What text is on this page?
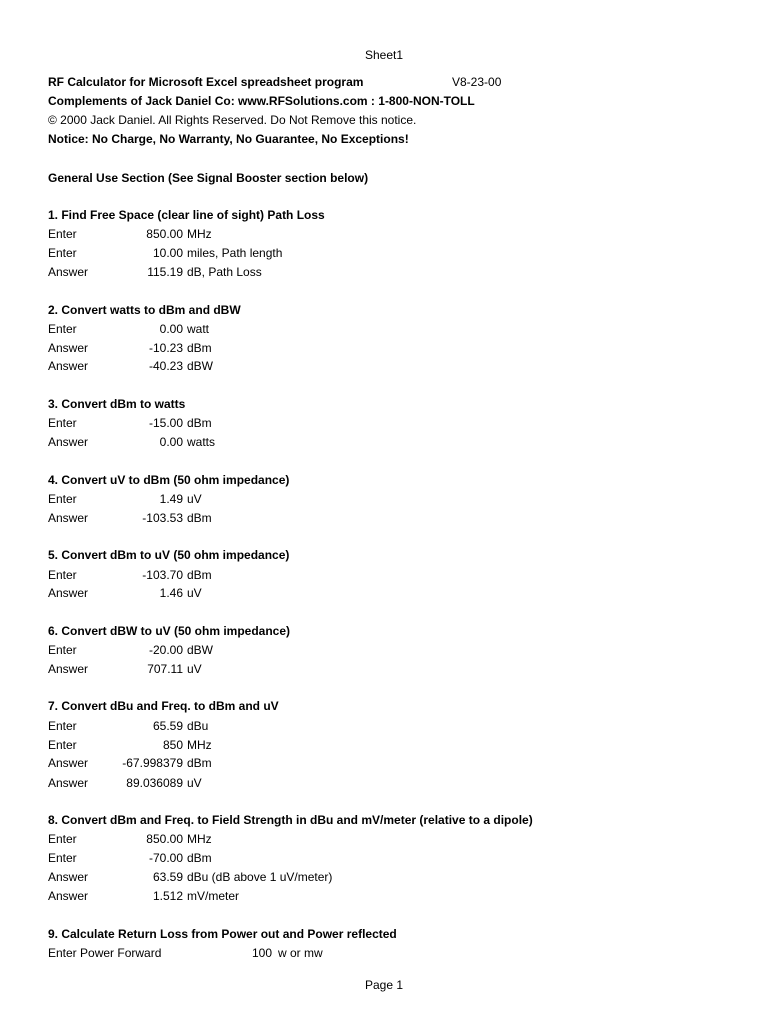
Sheet1
RF Calculator for Microsoft Excel spreadsheet program	V8-23-00
Complements of Jack Daniel Co: www.RFSolutions.com : 1-800-NON-TOLL
© 2000 Jack Daniel. All Rights Reserved. Do Not Remove this notice.
Notice: No Charge, No Warranty, No Guarantee, No Exceptions!
General Use Section (See Signal Booster section below)
1. Find Free Space (clear line of sight) Path Loss
Enter	850.00 MHz
Enter	10.00 miles, Path length
Answer	115.19 dB, Path Loss
2. Convert watts to dBm and dBW
Enter	0.00 watt
Answer	-10.23 dBm
Answer	-40.23 dBW
3. Convert dBm to watts
Enter	-15.00 dBm
Answer	0.00 watts
4. Convert uV to dBm (50 ohm impedance)
Enter	1.49 uV
Answer	-103.53 dBm
5. Convert dBm to uV (50 ohm impedance)
Enter	-103.70 dBm
Answer	1.46 uV
6. Convert dBW to uV (50 ohm impedance)
Enter	-20.00 dBW
Answer	707.11 uV
7. Convert dBu and Freq. to dBm and uV
Enter	65.59 dBu
Enter	850 MHz
Answer	-67.998379 dBm
Answer	89.036089 uV
8. Convert dBm and Freq. to Field Strength in dBu and mV/meter (relative to a dipole)
Enter	850.00 MHz
Enter	-70.00 dBm
Answer	63.59 dBu (dB above 1 uV/meter)
Answer	1.512 mV/meter
9. Calculate Return Loss from Power out and Power reflected
Enter Power Forward	100 w or mw
Page 1
